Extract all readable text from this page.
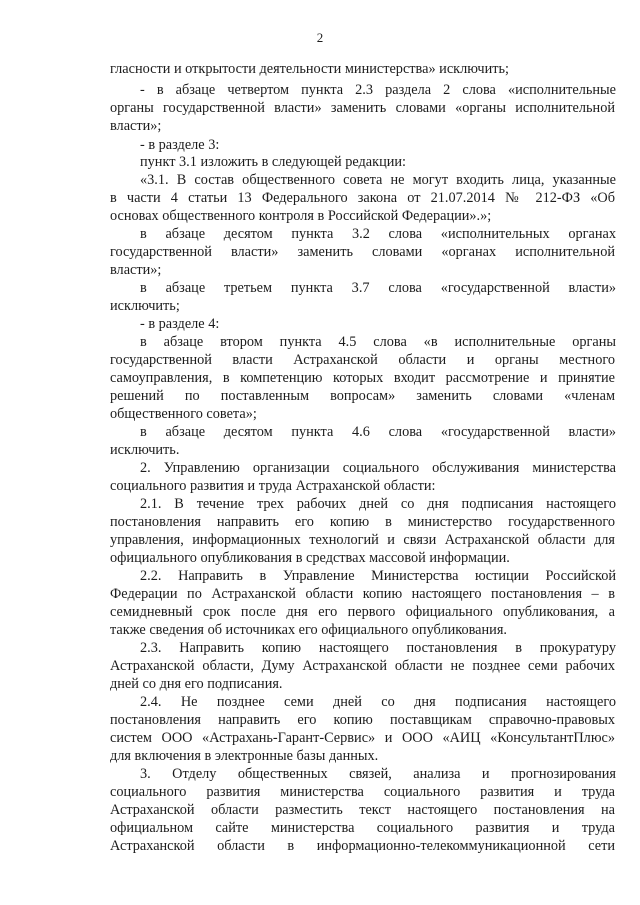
2
гласности и открытости деятельности министерства» исключить;
- в абзаце четвертом пункта 2.3 раздела 2 слова «исполнительные
органы государственной власти» заменить словами «органы исполнительной
власти»;
- в разделе 3:
пункт 3.1 изложить в следующей редакции:
«3.1. В состав общественного совета не могут входить лица, указанные
в части 4 статьи 13 Федерального закона от 21.07.2014 № 212-ФЗ «Об
основах общественного контроля в Российской Федерации».»;
в абзаце десятом пункта 3.2 слова «исполнительных органах
государственной власти» заменить словами «органах исполнительной
власти»;
в абзаце третьем пункта 3.7 слова «государственной власти»
исключить;
- в разделе 4:
в абзаце втором пункта 4.5 слова «в исполнительные органы
государственной власти Астраханской области и органы местного
самоуправления, в компетенцию которых входит рассмотрение и принятие
решений по поставленным вопросам» заменить словами «членам
общественного совета»;
в абзаце десятом пункта 4.6 слова «государственной власти»
исключить.
2. Управлению организации социального обслуживания министерства
социального развития и труда Астраханской области:
2.1. В течение трех рабочих дней со дня подписания настоящего
постановления направить его копию в министерство государственного
управления, информационных технологий и связи Астраханской области для
официального опубликования в средствах массовой информации.
2.2. Направить в Управление Министерства юстиции Российской
Федерации по Астраханской области копию настоящего постановления – в
семидневный срок после дня его первого официального опубликования, а
также сведения об источниках его официального опубликования.
2.3. Направить копию настоящего постановления в прокуратуру
Астраханской области, Думу Астраханской области не позднее семи рабочих
дней со дня его подписания.
2.4. Не позднее семи дней со дня подписания настоящего
постановления направить его копию поставщикам справочно-правовых
систем ООО «Астрахань-Гарант-Сервис» и ООО «АИЦ «КонсультантПлюс»
для включения в электронные базы данных.
3. Отделу общественных связей, анализа и прогнозирования
социального развития министерства социального развития и труда
Астраханской области разместить текст настоящего постановления на
официальном сайте министерства социального развития и труда
Астраханской области в информационно-телекоммуникационной сети
